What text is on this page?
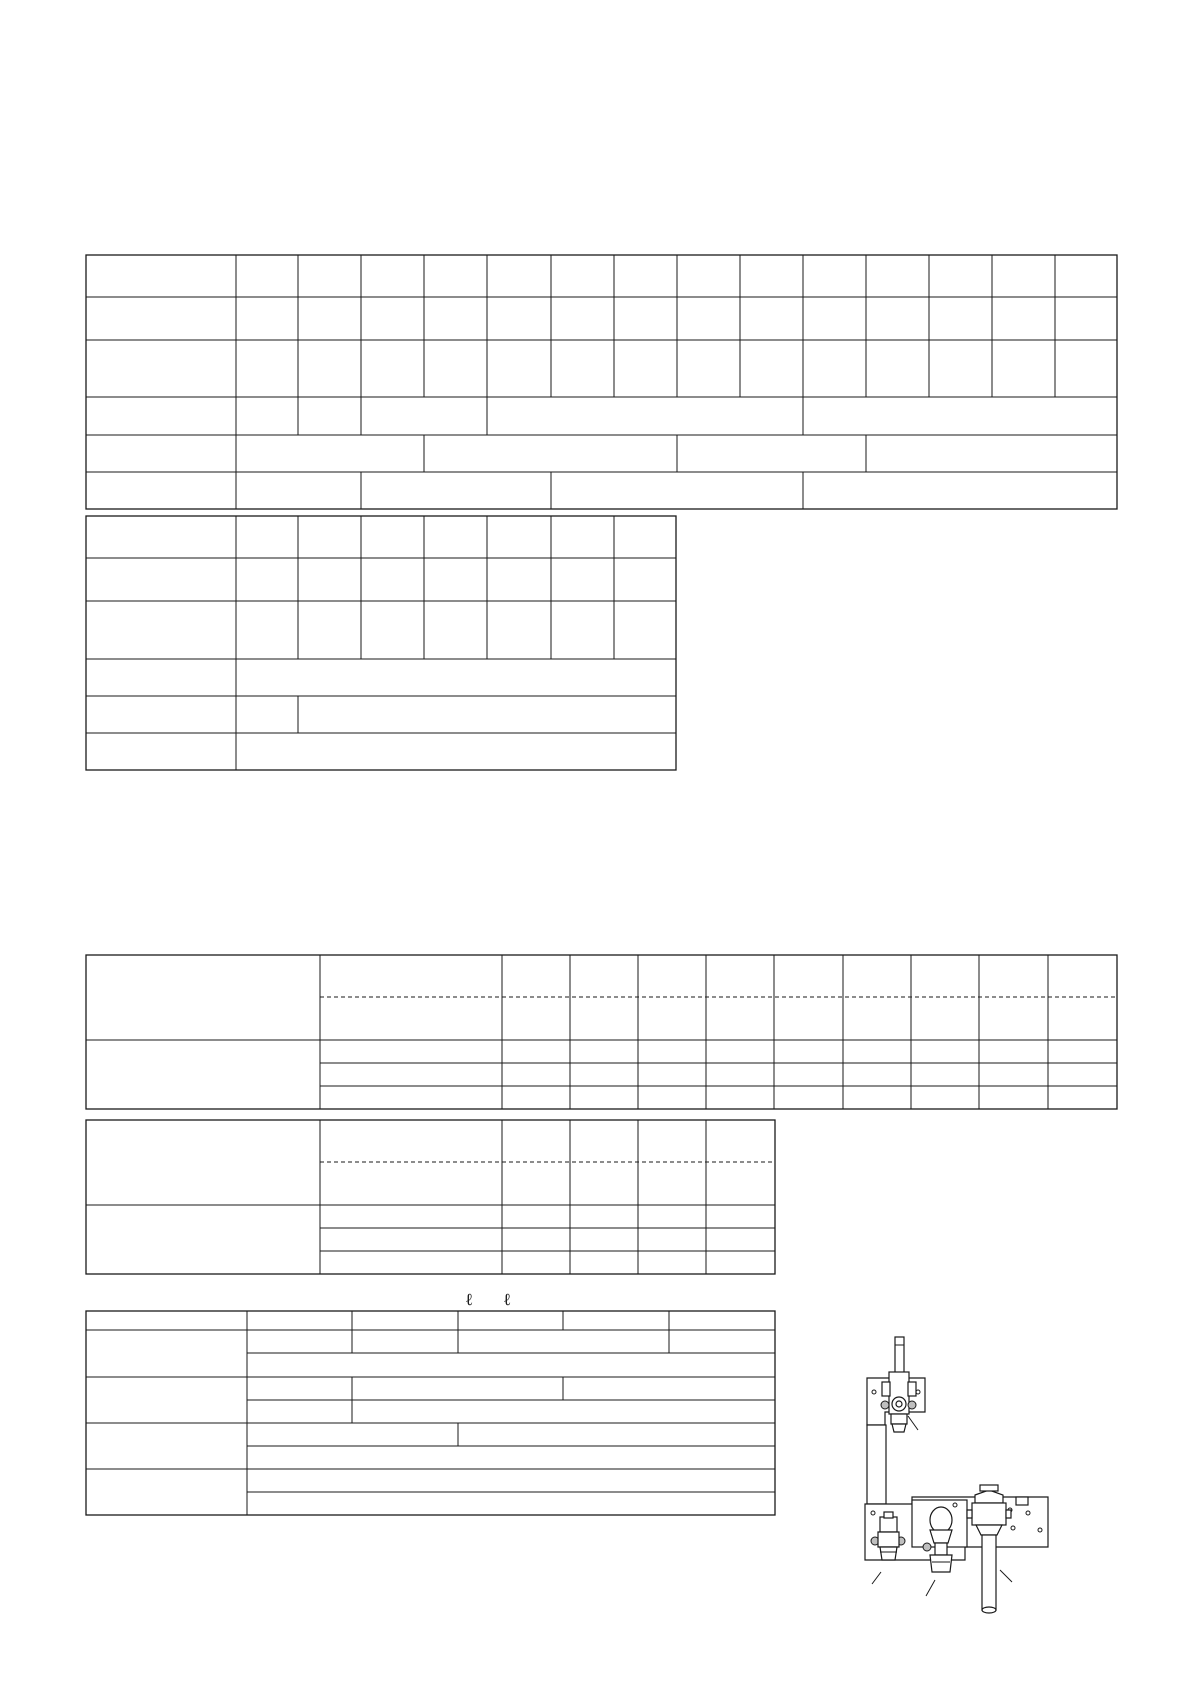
ℓ ℓ
